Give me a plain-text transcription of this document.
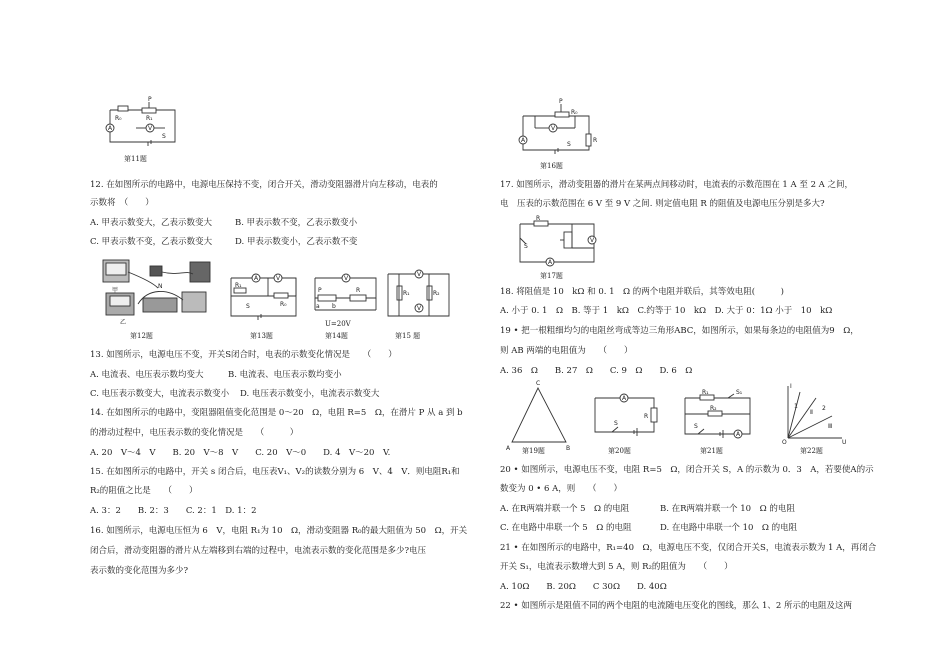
R₀	R₁
P
A	V
S
第11题
12. 在如图所示的电路中，电源电压保持不变，闭合开关，滑动变阻器滑片向左移动，电表的
示数将　（　　）
A. 甲表示数变大，乙表示数变大	B. 甲表示数不变，乙表示数变小
C. 甲表示数不变，乙表示数变大	D. 甲表示数变小，乙表示数不变
甲
N
乙
第12题
A	V
R₁
S	R₀
第13题
V
P
a b
R
U=20V
第14题
V
R₁	R₂
V
第15 题
13. 如图所示，电源电压不变，开关S闭合时，电表的示数变化情况是　　（　　）
A. 电流表、电压表示数均变大	B. 电流表、电压表示数均变小
C. 电压表示数变大，电流表示数变小 D. 电压表示数变小，电流表示数变大
14. 在如图所示的电路中，变阻器阻值变化范围是 0～20　Ω，电阻 R=5　Ω，在滑片 P 从 a 到 b
的滑动过程中，电压表示数的变化情况是　　（　　　）
A. 20　V～4　V　　B. 20　V～8　V　　C. 20　V～0　　D. 4　V～20　V.
15. 在如图所示的电路中，开关 s 闭合后，电压表V₁、V₂的读数分别为 6　V、4　V．则电阻R₁和
R₂的阻值之比是　　（　　）
A. 3：2　　B. 2：3　　C. 2：1　D. 1：2
16. 如图所示，电源电压恒为 6　V，电阻 R₁为 10　Ω，滑动变阻器 R₀的最大阻值为 50　Ω，开关
闭合后，滑动变阻器的滑片从左端移到右端的过程中，电流表示数的变化范围是多少?电压
表示数的变化范围为多少?
P
R₀
V
A	R
S
第16题
17. 如图所示，滑动变阻器的滑片在某两点间移动时，电流表的示数范围在 1 A 至 2 A 之间，
电　压表的示数范围在 6 V 至 9 V 之间. 则定值电阻 R 的阻值及电源电压分别是多大?
R
S
V
A
第17题
18. 将阻值是 10　kΩ 和 0. 1　Ω 的两个电阻并联后，其等效电阻(　　　)
A. 小于 0. 1　Ω　B. 等于 1　kΩ　C.约等于 10　kΩ　D. 大于 0：1Ω 小于　10　kΩ
19 • 把一根粗细均匀的电阻丝弯成等边三角形ABC，如图所示，如果每条边的电阻值为9　Ω，
则 AB 两端的电阻值为　　（　　）
A. 36　Ω　　B. 27　Ω　　C. 9　Ω　　D. 6　Ω
C
A	B
第19题
A
R
S
第20题
R₁	S₁
R₂
S
A
第21题
I
U
1
Ⅱ
2
Ⅲ
O
第22题
20 • 如图所示，电源电压不变，电阻 R=5　Ω，闭合开关 S，A 的示数为 0．3　A，若要使A的示
数变为 0 • 6 A，则　　（　　）
A. 在R两端并联一个 5　Ω 的电阻	B. 在R两端并联一个 10　Ω 的电阻
C. 在电路中串联一个 5　Ω 的电阻	D. 在电路中串联一个 10　Ω 的电阻
21 • 在如图所示的电路中，R₁=40　Ω，电源电压不变，仅闭合开关S，电流表示数为 1 A，再闭合
开关 S₁，电流表示数增大到 5 A，则 R₂的阻值为　　（　　）
A. 10Ω　　B. 20Ω　　C 30Ω　　D. 40Ω
22 • 如图所示是阻值不同的两个电阻的电流随电压变化的图线，那么 1、2 所示的电阻及这两
